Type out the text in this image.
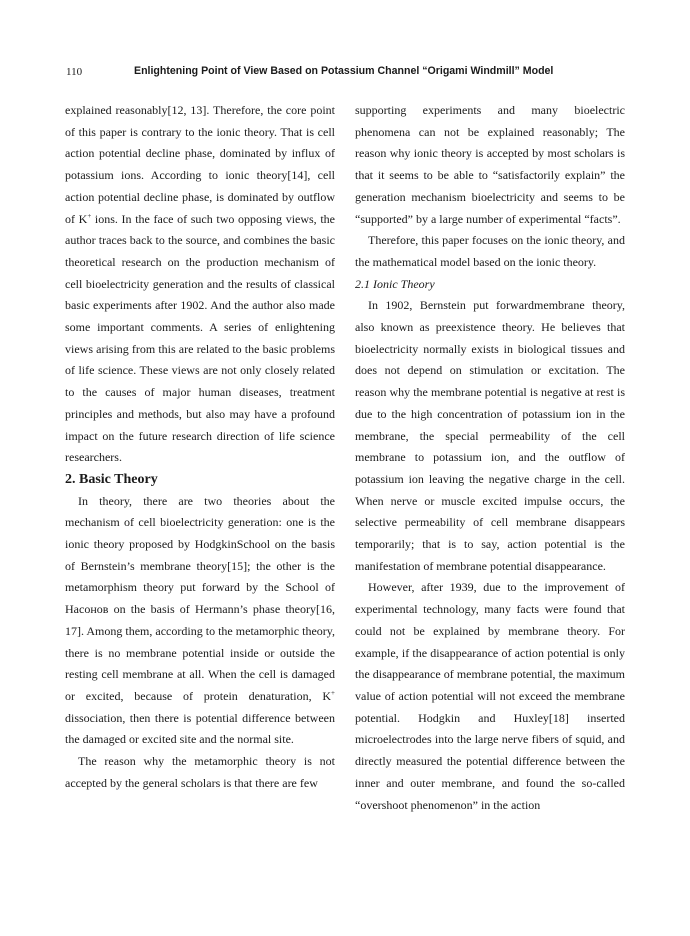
110	Enlightening Point of View Based on Potassium Channel “Origami Windmill” Model

explained reasonably[12, 13]. Therefore, the core point of this paper is contrary to the ionic theory. That is cell action potential decline phase, dominated by influx of potassium ions. According to ionic theory[14], cell action potential decline phase, is dominated by outflow of K+ ions. In the face of such two opposing views, the author traces back to the source, and combines the basic theoretical research on the production mechanism of cell bioelectricity generation and the results of classical basic experiments after 1902. And the author also made some important comments. A series of enlightening views arising from this are related to the basic problems of life science. These views are not only closely related to the causes of major human diseases, treatment principles and methods, but also may have a profound impact on the future research direction of life science researchers.

2. Basic Theory

In theory, there are two theories about the mechanism of cell bioelectricity generation: one is the ionic theory proposed by HodgkinSchool on the basis of Bernstein’s membrane theory[15]; the other is the metamorphism theory put forward by the School of Насонов on the basis of Hermann’s phase theory[16, 17]. Among them, according to the metamorphic theory, there is no membrane potential inside or outside the resting cell membrane at all. When the cell is damaged or excited, because of protein denaturation, K+ dissociation, then there is potential difference between the damaged or excited site and the normal site.

The reason why the metamorphic theory is not accepted by the general scholars is that there are few

supporting experiments and many bioelectric phenomena can not be explained reasonably; The reason why ionic theory is accepted by most scholars is that it seems to be able to “satisfactorily explain” the generation mechanism bioelectricity and seems to be “supported” by a large number of experimental “facts”.

Therefore, this paper focuses on the ionic theory, and the mathematical model based on the ionic theory.

2.1 Ionic Theory

In 1902, Bernstein put forwardmembrane theory, also known as preexistence theory. He believes that bioelectricity normally exists in biological tissues and does not depend on stimulation or excitation. The reason why the membrane potential is negative at rest is due to the high concentration of potassium ion in the membrane, the special permeability of the cell membrane to potassium ion, and the outflow of potassium ion leaving the negative charge in the cell. When nerve or muscle excited impulse occurs, the selective permeability of cell membrane disappears temporarily; that is to say, action potential is the manifestation of membrane potential disappearance.

However, after 1939, due to the improvement of experimental technology, many facts were found that could not be explained by membrane theory. For example, if the disappearance of action potential is only the disappearance of membrane potential, the maximum value of action potential will not exceed the membrane potential. Hodgkin and Huxley[18] inserted microelectrodes into the large nerve fibers of squid, and directly measured the potential difference between the inner and outer membrane, and found the so-called “overshoot phenomenon” in the action
